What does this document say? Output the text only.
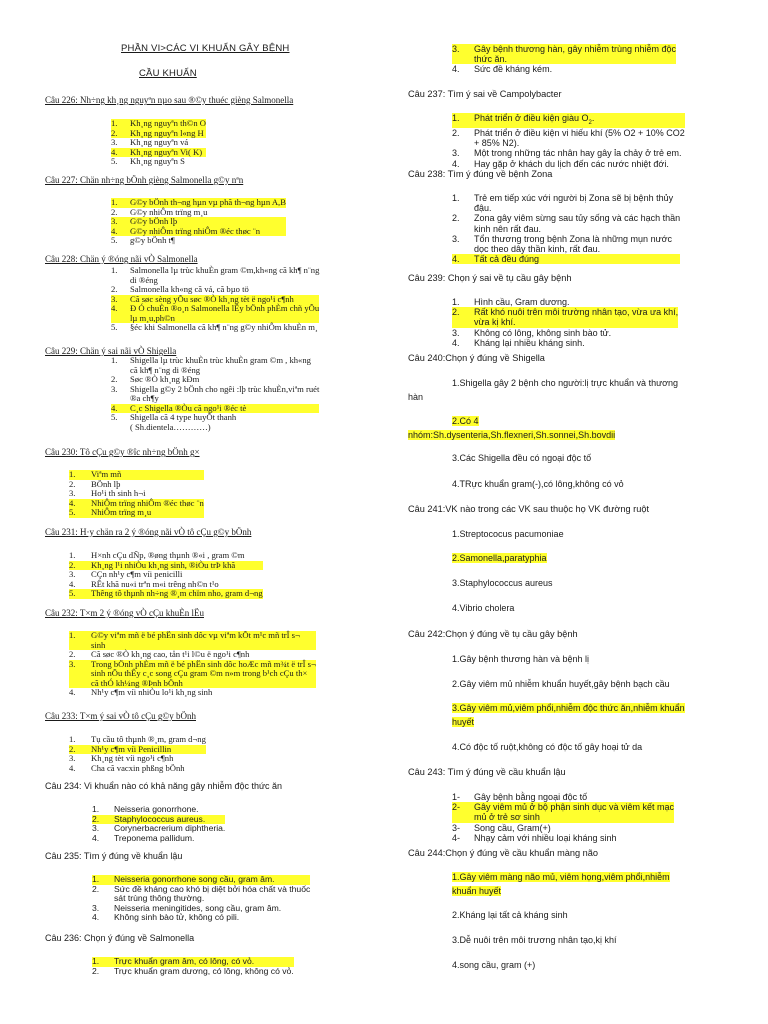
PHẦN VI>CÁC VI KHUẨN GÂY BỆNH
CẦU KHUẨN
Câu 226: Nh÷ng kh¸ng nguyªn nµo sau ®©y thuéc gièng Salmonella
1. Kh¸ng nguyªn th©n O
2. Kh¸ng nguyªn l«ng H
3. Kh¸ng nguyªn vá
4. Kh¸ng nguyªn Vi( K)
5. Kh¸ng nguyªn S
Câu 227: Chän nh÷ng bÖnh gièng Salmonella g©y nªn
1. G©y bÖnh th¬ng hµn vµ phã th¬ng hµn A,B
2. G©y nhiÔm trïng m¸u
3. G©y bÖnh lþ
4. G©y nhiÔm trïng nhiÔm ®éc thøc ¨n
5. g©y bÖnh t¶
Câu 228: Chän ý ®óng nãi vÒ Salmonella
1. Salmonella lµ trùc khuÈn gram ©m,kh«ng cã kh¶ n¨ng
di ®éng
2. Salmonella kh«ng cã vá, cã bµo tö
3. Cã søc sèng yÕu søc ®Ò kh¸ng tèt ë ngo¹i c¶nh
4. Ð Ó chuÈn ®o¸n Salmonella lÊy bÖnh phÈm chñ yÕu
lµ m¸u,ph©n
5. §éc khi Salmonella cã kh¶ n¨ng g©y nhiÔm khuÈn m¸
Câu 229: Chän ý sai nãi vÒ Shigella
1. Shigella lµ trùc khuÈn trùc khuÈn gram ©m , kh«ng
cã kh¶ n¨ng di ®éng
2. Søc ®Ò kh¸ng kÐm
3. Shigella g©y 2 bÖnh cho ngêi :lþ trùc khuÈn,viªm ruét
®a ch¶y
4. C¸c Shigella ®Òu cã ngo¹i ®éc tè
5. Shigella cã 4 type huyÕt thanh
( Sh.dientela…………)
Câu 230: Tô cÇu g©y ®îc nh÷ng bÖnh g×
1. Viªm mñ
2. BÖnh lþ
3. Ho¹i th sinh h¬i
4. NhiÔm trïng nhiÔm ®éc thøc ¨n
5. NhiÔm trïng m¸u
Câu 231: H·y chän ra 2 ý ®óng nãi vÒ tô cÇu g©y bÖnh
1. H×nh cÇu dÑp, ®øng thµnh ®«i , gram ©m
2. Kh¸ng l¹i nhiÒu kh¸ng sinh, ®iÒu trÞ khã
3. CÇn nh¹y c¶m víi penicilli
4. RÊt khã nu«i trªn m«i trêng nh©n t¹o
5. Thêng tô thµnh nh÷ng ®¸m chïm nho, gram d¬ng
Câu 232: T×m 2 ý ®óng vÒ cÇu khuÈn lËu
1. G©y viªm mñ ë bé phËn sinh dôc vµ viªm kÕt m¹c mñ trÎ s¬
sinh
2. Cã søc ®Ò kh¸ng cao, tån t¹i l©u ë ngo¹i c¶nh
3. Trong bÖnh phÈm mñ ë bé phËn sinh dôc hoÆc mñ m¾t ë trÎ s¬
sinh nÕu thÊy c¸c song cÇu gram ©m n»m trong b¹ch cÇu th×
cã thÓ kh¼ng ®Þnh bÖnh
4. Nh¹y c¶m víi nhiÒu lo¹i kh¸ng sinh
Câu 233: T×m ý sai vÒ tô cÇu g©y bÖnh
1. Tụ cầu tô thµnh ®¸m, gram d¬ng
2. Nh¹y c¶m víi Penicillin
3. Kh¸ng tèt víi ngo¹i c¶nh
4. Cha cã vacxin phßng bÖnh
Câu 234: Vi khuẩn nào có khả năng gây nhiễm độc thức ăn
1. Neisseria gonorrhone.
2. Staphylococcus aureus.
3. Corynerbacrerium diphtheria.
4. Treponema pallidum.
Câu 235: Tìm ý đúng về khuẩn lậu
1. Neisseria gonorrhone song cầu, gram âm.
2. Sức đề kháng cao khó bị diệt bởi hóa chất và thuốc
sát trùng thông thường.
3. Neisseria meningitides, song cầu, gram âm.
4. Không sinh bào tử, không có pili.
Câu 236: Chọn ý đúng về Salmonella
1. Trực khuẩn gram âm, có lông, có vỏ.
2. Trực khuẩn gram dương, có lông, không có vỏ.
3. Gây bệnh thương hàn, gây nhiễm trùng nhiễm độc
thức ăn.
4. Sức đề kháng kém.
Câu 237: Tìm ý sai về Campolybacter
1. Phát triển ở điều kiện giàu $O_2$.
2. Phát triển ở điều kiện vi hiếu khí (5% O2 + 10% CO2
+ 85% N2).
3. Một trong những tác nhân hay gây ỉa chảy ở trẻ em.
4. Hay gặp ở khách du lịch đến các nước nhiệt đới.
Câu 238: Tìm ý đúng về bệnh Zona
1. Trẻ em tiếp xúc với người bị Zona sẽ bị bệnh thủy
đậu.
2. Zona gây viêm sừng sau tủy sống và các hạch thần
kinh nên rất đau.
3. Tổn thương trong bệnh Zona là những mụn nước
dọc theo dây thần kinh, rất đau.
4. Tất cả đều đúng
Câu 239: Chọn ý sai về tụ cầu gây bệnh
1. Hình cầu, Gram dương.
2. Rất khó nuôi trên môi trường nhân tạo, vừa ưa khí,
vừa kị khí.
3. Không có lông, không sinh bào tử.
4. Kháng lại nhiều kháng sinh.
Câu 240:Chọn ý đúng về Shigella
1.Shigella gây 2 bệnh cho người:lị trực khuẩn và thương
hàn
2.Có 4
nhóm:Sh.dysenteria,Sh.flexneri,Sh.sonnei,Sh.bovdii
3.Các Shigella đều có ngoại độc tố
4.TRực khuẩn gram(-),có lông,không có vỏ
Câu 241:VK nào trong các VK sau thuộc họ VK đường ruột
1.Streptococus pacumoniae
2.Samonella,paratyphia
3.Staphylococcus aureus
4.Vibrio cholera
Câu 242:Chọn ý đúng về tụ cầu gây bệnh
1.Gây bệnh thương hàn và bệnh lị
2.Gây viêm mủ nhiễm khuẩn huyết,gây bệnh bạch cầu
3.Gây viêm mủ,viêm phổi,nhiễm độc thức ăn,nhiễm khuẩn
huyết
4.Có độc tố ruột,không có độc tố gây hoại tử da
Câu 243: Tìm ý đúng về cầu khuẩn lậu
1- Gây bệnh bằng ngoại độc tố
2- Gây viêm mủ ở bộ phận sinh dục và viêm kết mạc
mủ ở trẻ sơ sinh
3- Song cầu, Gram(+)
4- Nhạy cảm với nhiều loại kháng sinh
Câu 244:Chọn ý đúng về cầu khuẩn màng não
1.Gây viêm màng não mủ, viêm họng,viêm phổi,nhiễm
khuẩn huyết
2.Kháng lại tất cả kháng sinh
3.Dễ nuôi trên môi trương nhân tạo,kị khí
4.song cầu, gram (+)
